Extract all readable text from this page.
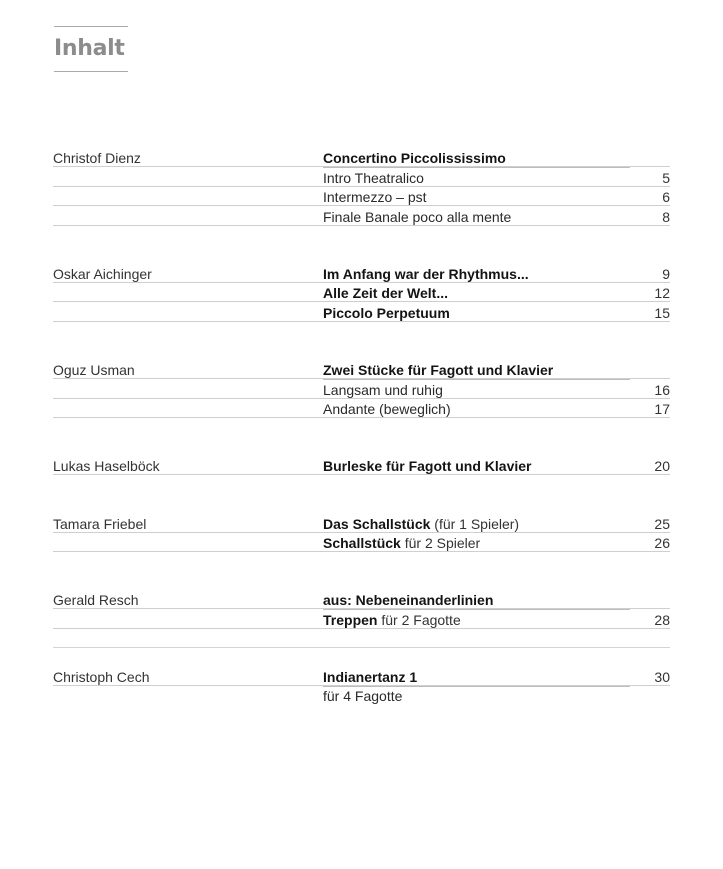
Inhalt
Christof Dienz	Concertino Piccolississimo
Intro Theatralico	5
Intermezzo – pst	6
Finale Banale poco alla mente	8
Oskar Aichinger	Im Anfang war der Rhythmus...	9
Alle Zeit der Welt...	12
Piccolo Perpetuum	15
Oguz Usman	Zwei Stücke für Fagott und Klavier
Langsam und ruhig	16
Andante (beweglich)	17
Lukas Haselböck	Burleske für Fagott und Klavier	20
Tamara Friebel	Das Schallstück (für 1 Spieler)	25
Schallstück für 2 Spieler	26
Gerald Resch	aus: Nebeneinanderlinien
Treppen für 2 Fagotte	28
Christoph Cech	Indianertanz 1	30
für 4 Fagotte
